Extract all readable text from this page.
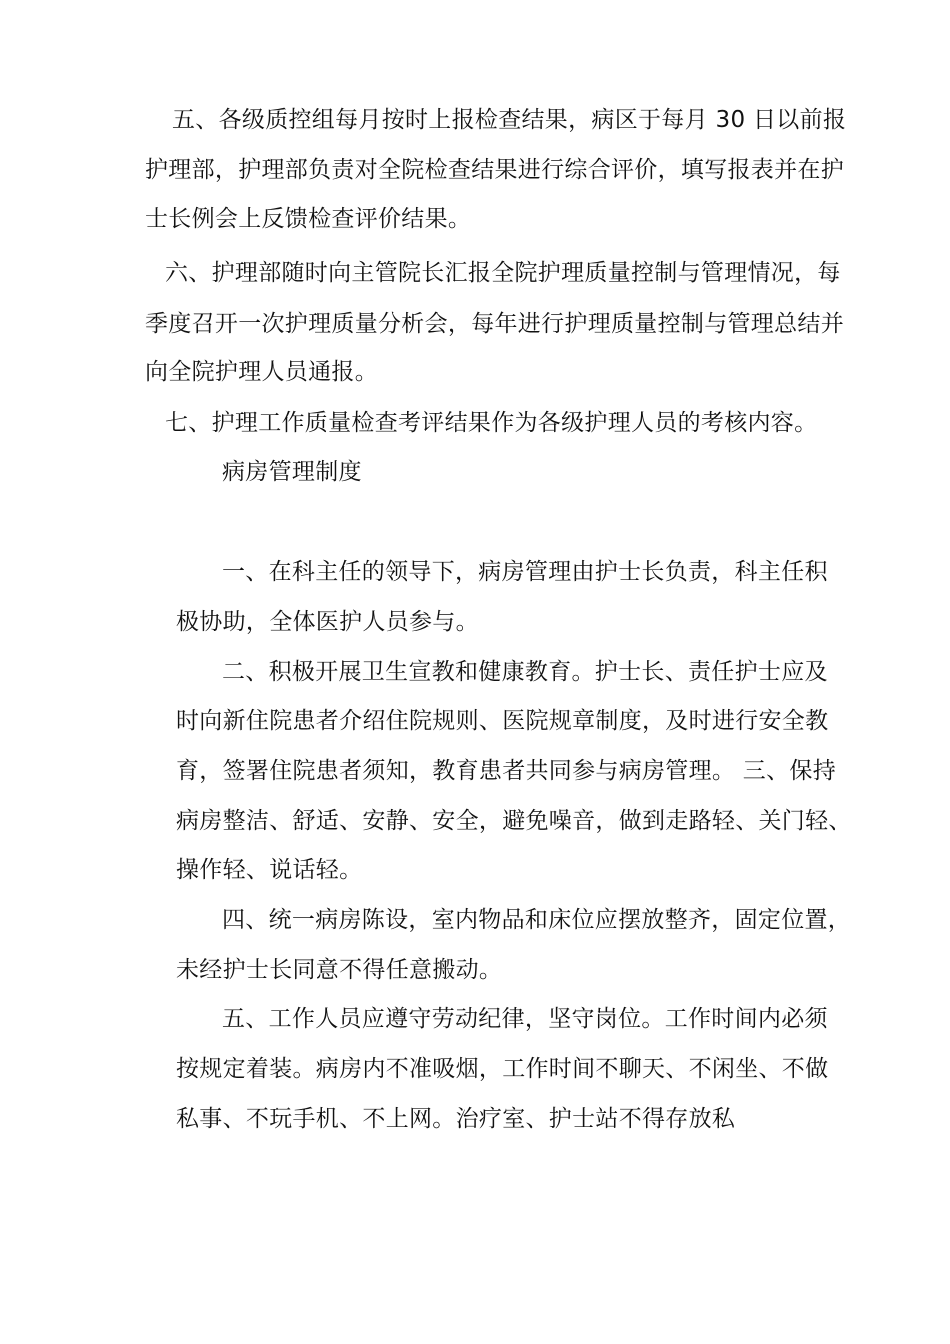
五、各级质控组每月按时上报检查结果，病区于每月 30 日以前报
护理部，护理部负责对全院检查结果进行综合评价，填写报表并在护
士长例会上反馈检查评价结果。
六、护理部随时向主管院长汇报全院护理质量控制与管理情况，每
季度召开一次护理质量分析会，每年进行护理质量控制与管理总结并
向全院护理人员通报。
七、护理工作质量检查考评结果作为各级护理人员的考核内容。
病房管理制度
一、在科主任的领导下，病房管理由护士长负责，科主任积
极协助，全体医护人员参与。
二、积极开展卫生宣教和健康教育。护士长、责任护士应及
时向新住院患者介绍住院规则、医院规章制度，及时进行安全教
育，签署住院患者须知，教育患者共同参与病房管理。 三、保持
病房整洁、舒适、安静、安全，避免噪音，做到走路轻、关门轻、
操作轻、说话轻。
四、统一病房陈设，室内物品和床位应摆放整齐，固定位置，
未经护士长同意不得任意搬动。
五、工作人员应遵守劳动纪律，坚守岗位。工作时间内必须
按规定着装。病房内不准吸烟，工作时间不聊天、不闲坐、不做
私事、不玩手机、不上网。治疗室、护士站不得存放私
